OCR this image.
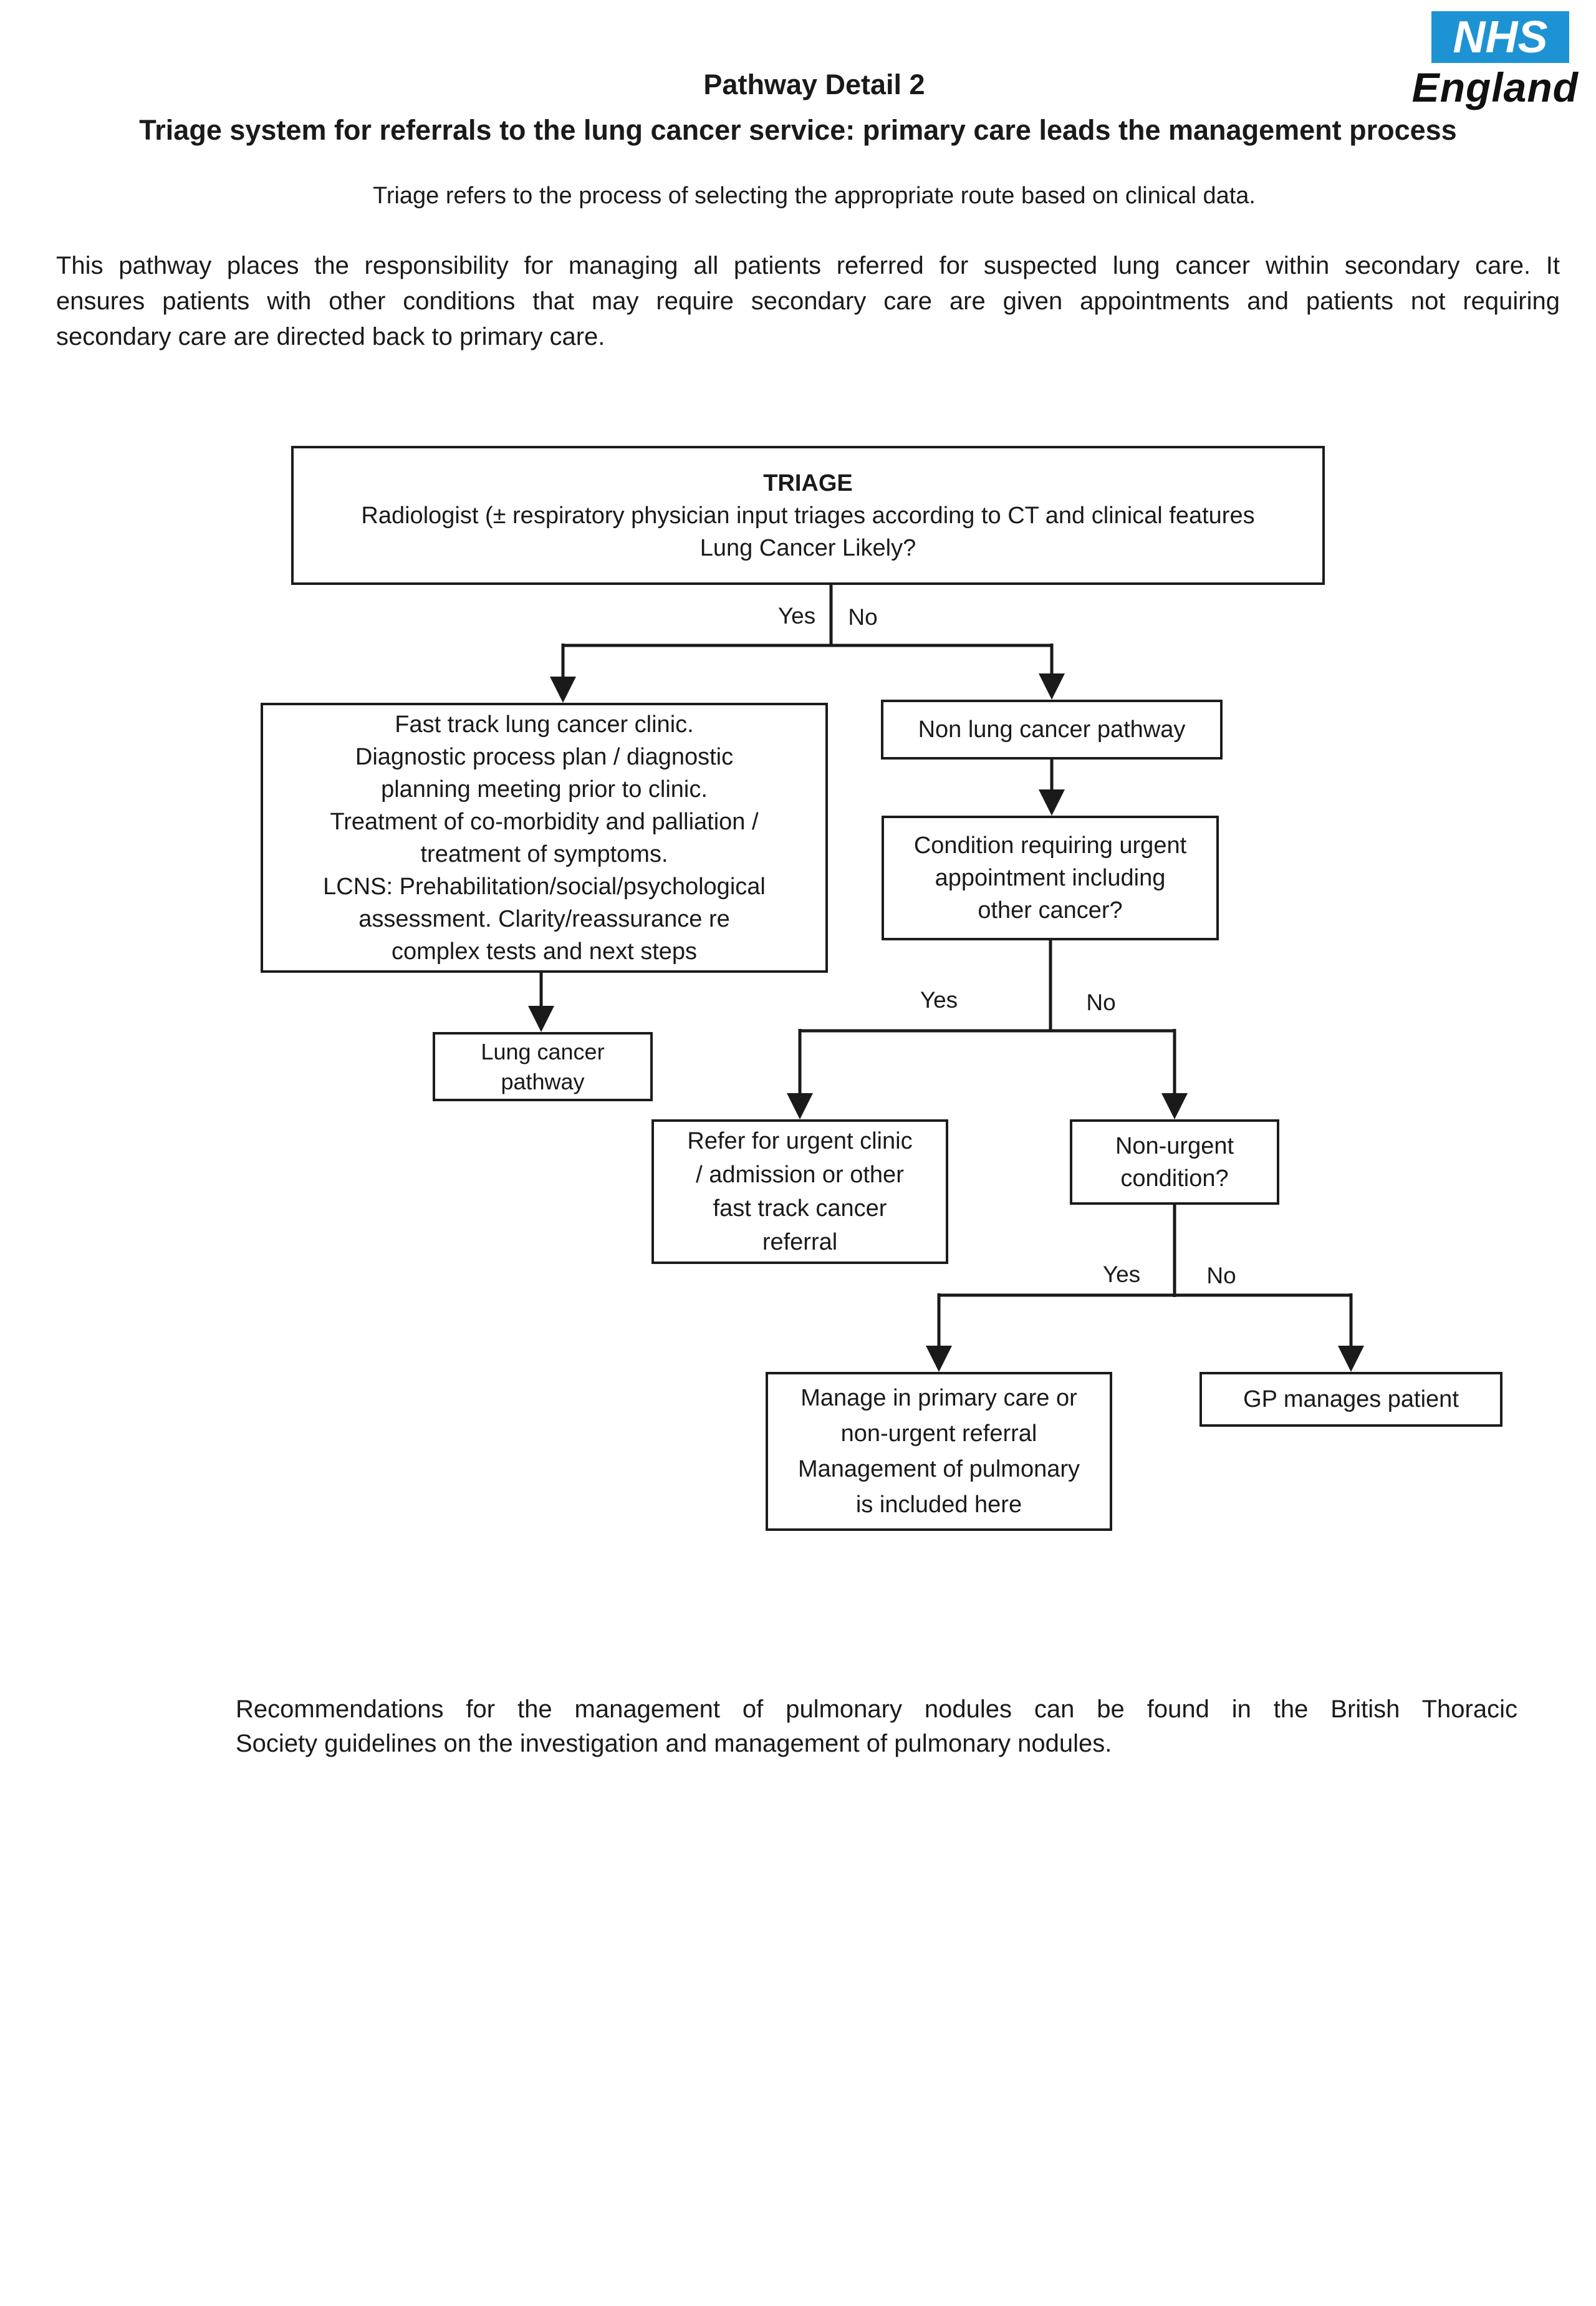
NHS
England
Pathway Detail 2
Triage system for referrals to the lung cancer service: primary care leads the management process
Triage refers to the process of selecting the appropriate route based on clinical data.
This pathway places the responsibility for managing all patients referred for suspected lung cancer within secondary care. It
ensures patients with other conditions that may require secondary care are given appointments and patients not requiring
secondary care are directed back to primary care.
TRIAGE
Radiologist (± respiratory physician input triages according to CT and clinical features
Lung Cancer Likely?
Fast track lung cancer clinic.
Diagnostic process plan / diagnostic
planning meeting prior to clinic.
Treatment of co-morbidity and palliation /
treatment of symptoms.
LCNS: Prehabilitation/social/psychological
assessment. Clarity/reassurance re
complex tests and next steps
Non lung cancer pathway
Condition requiring urgent
appointment including
other cancer?
Lung cancer
pathway
Refer for urgent clinic
/ admission or other
fast track cancer
referral
Non-urgent
condition?
Manage in primary care or
non-urgent referral
Management of pulmonary
is included here
GP manages patient
Yes No
Yes	No
Yes	No
Recommendations for the management of pulmonary nodules can be found in the British Thoracic
Society guidelines on the investigation and management of pulmonary nodules.
